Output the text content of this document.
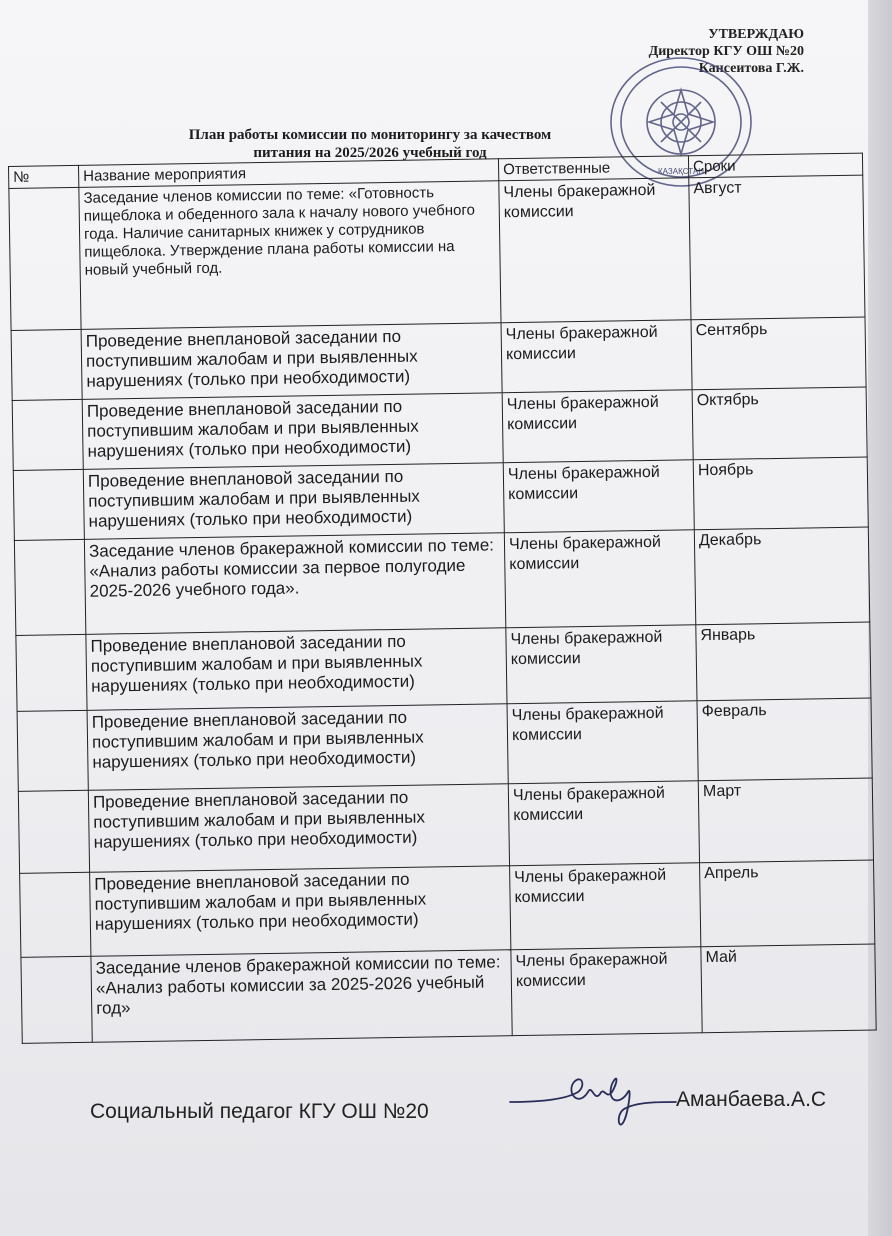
УТВЕРЖДАЮ
Директор КГУ ОШ №20
Кансеитова Г.Ж.
КАЗАҚСТАН
План работы комиссии по мониторингу за качеством
питания на 2025/2026 учебный год
№	Название мероприятия	Ответственные	Сроки
	Заседание членов комиссии по теме: «Готовность пищеблока и обеденного зала к началу нового учебного года. Наличие санитарных книжек у сотрудников пищеблока. Утверждение плана работы комиссии на новый учебный год.	Члены бракеражной комиссии	Август
	Проведение внеплановой заседании по поступившим жалобам и при выявленных нарушениях (только при необходимости)	Члены бракеражной комиссии	Сентябрь
	Проведение внеплановой заседании по поступившим жалобам и при выявленных нарушениях (только при необходимости)	Члены бракеражной комиссии	Октябрь
	Проведение внеплановой заседании по поступившим жалобам и при выявленных нарушениях (только при необходимости)	Члены бракеражной комиссии	Ноябрь
	Заседание членов бракеражной комиссии по теме: «Анализ работы комиссии за первое полугодие 2025-2026 учебного года».	Члены бракеражной комиссии	Декабрь
	Проведение внеплановой заседании по поступившим жалобам и при выявленных нарушениях (только при необходимости)	Члены бракеражной комиссии	Январь
	Проведение внеплановой заседании по поступившим жалобам и при выявленных нарушениях (только при необходимости)	Члены бракеражной комиссии	Февраль
	Проведение внеплановой заседании по поступившим жалобам и при выявленных нарушениях (только при необходимости)	Члены бракеражной комиссии	Март
	Проведение внеплановой заседании по поступившим жалобам и при выявленных нарушениях (только при необходимости)	Члены бракеражной комиссии	Апрель
	Заседание членов бракеражной комиссии по теме: «Анализ работы комиссии за 2025-2026 учебный год»	Члены бракеражной комиссии	Май
Социальный педагог КГУ ОШ №20
Аманбаева.А.С
